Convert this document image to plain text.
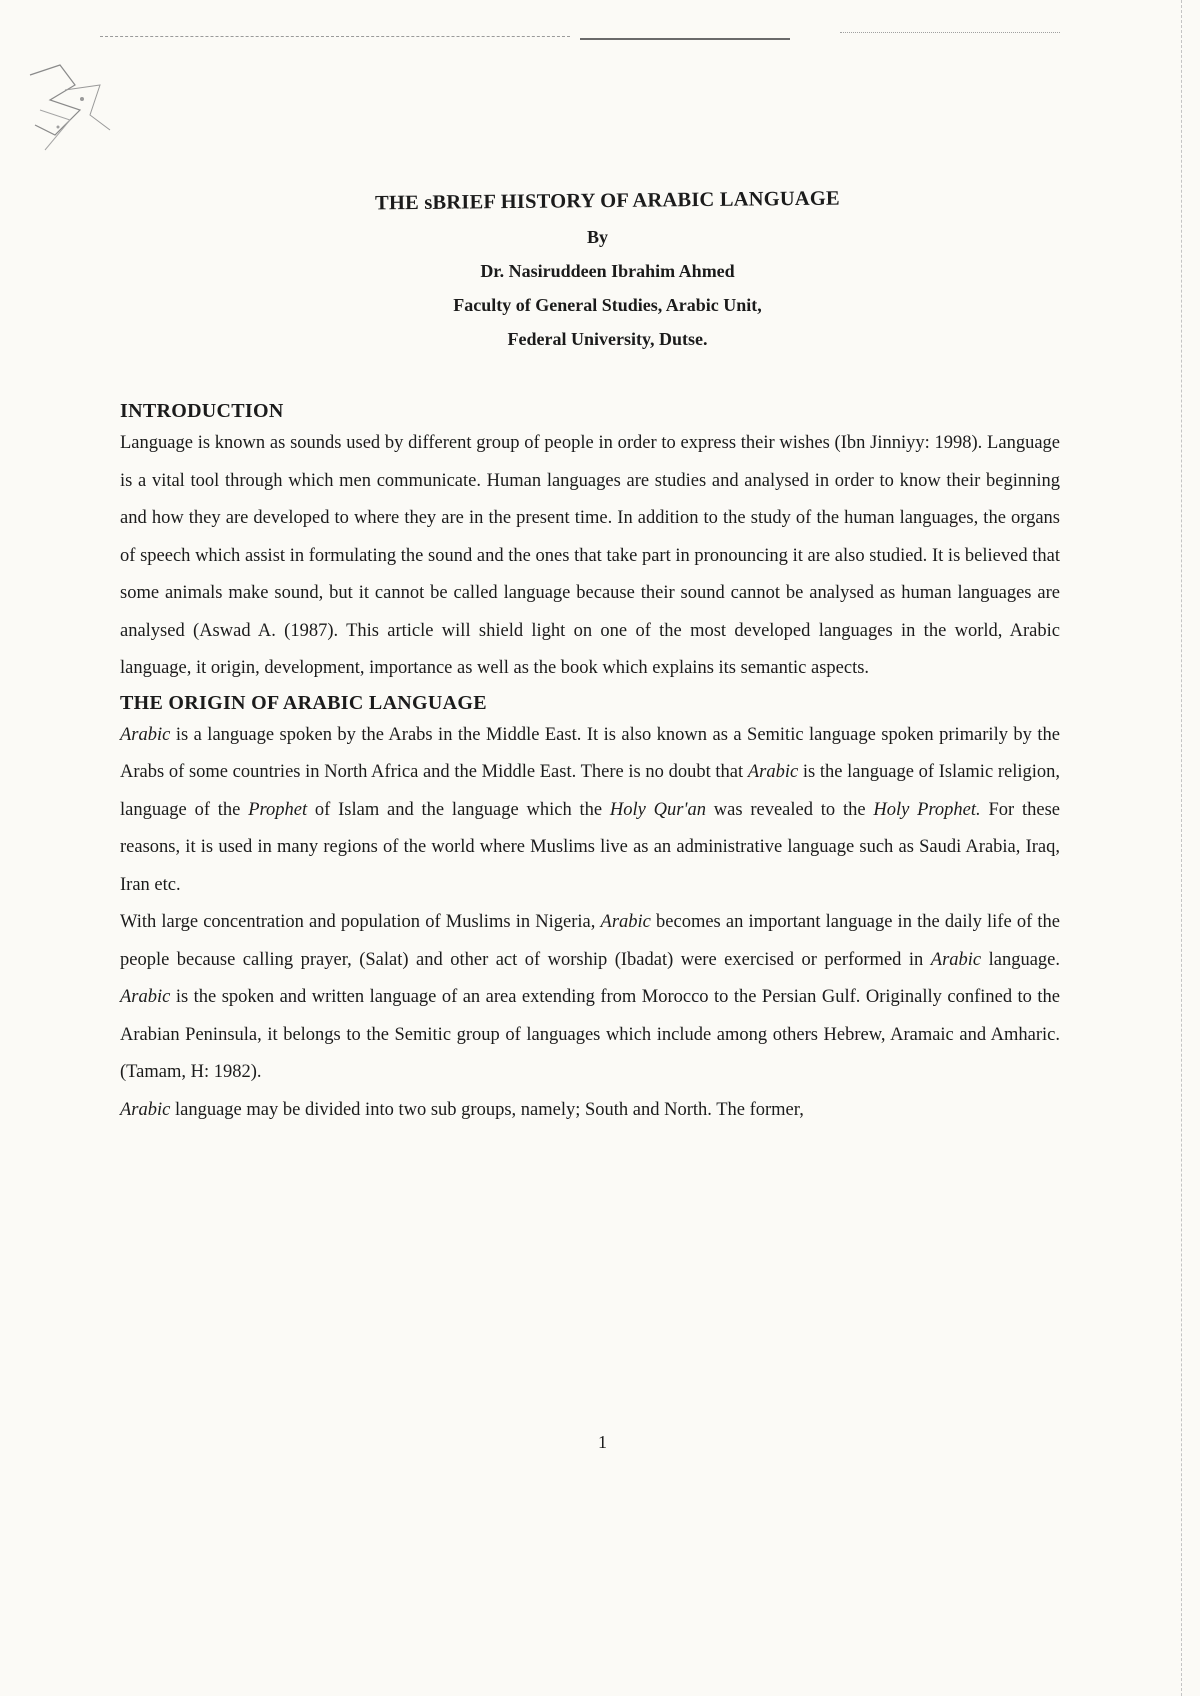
THE sBRIEF HISTORY OF ARABIC LANGUAGE
By
Dr. Nasiruddeen Ibrahim Ahmed
Faculty of General Studies, Arabic Unit,
Federal University, Dutse.
INTRODUCTION

Language is known as sounds used by different group of people in order to express their wishes (Ibn Jinniyy: 1998). Language is a vital tool through which men communicate. Human languages are studies and analysed in order to know their beginning and how they are developed to where they are in the present time. In addition to the study of the human languages, the organs of speech which assist in formulating the sound and the ones that take part in pronouncing it are also studied. It is believed that some animals make sound, but it cannot be called language because their sound cannot be analysed as human languages are analysed (Aswad A. (1987). This article will shield light on one of the most developed languages in the world, Arabic language, it origin, development, importance as well as the book which explains its semantic aspects.

THE ORIGIN OF ARABIC LANGUAGE

Arabic is a language spoken by the Arabs in the Middle East. It is also known as a Semitic language spoken primarily by the Arabs of some countries in North Africa and the Middle East. There is no doubt that Arabic is the language of Islamic religion, language of the Prophet of Islam and the language which the Holy Qur'an was revealed to the Holy Prophet. For these reasons, it is used in many regions of the world where Muslims live as an administrative language such as Saudi Arabia, Iraq, Iran etc.

With large concentration and population of Muslims in Nigeria, Arabic becomes an important language in the daily life of the people because calling prayer, (Salat) and other act of worship (Ibadat) were exercised or performed in Arabic language. Arabic is the spoken and written language of an area extending from Morocco to the Persian Gulf. Originally confined to the Arabian Peninsula, it belongs to the Semitic group of languages which include among others Hebrew, Aramaic and Amharic. (Tamam, H: 1982).

Arabic language may be divided into two sub groups, namely; South and North. The former,

1
